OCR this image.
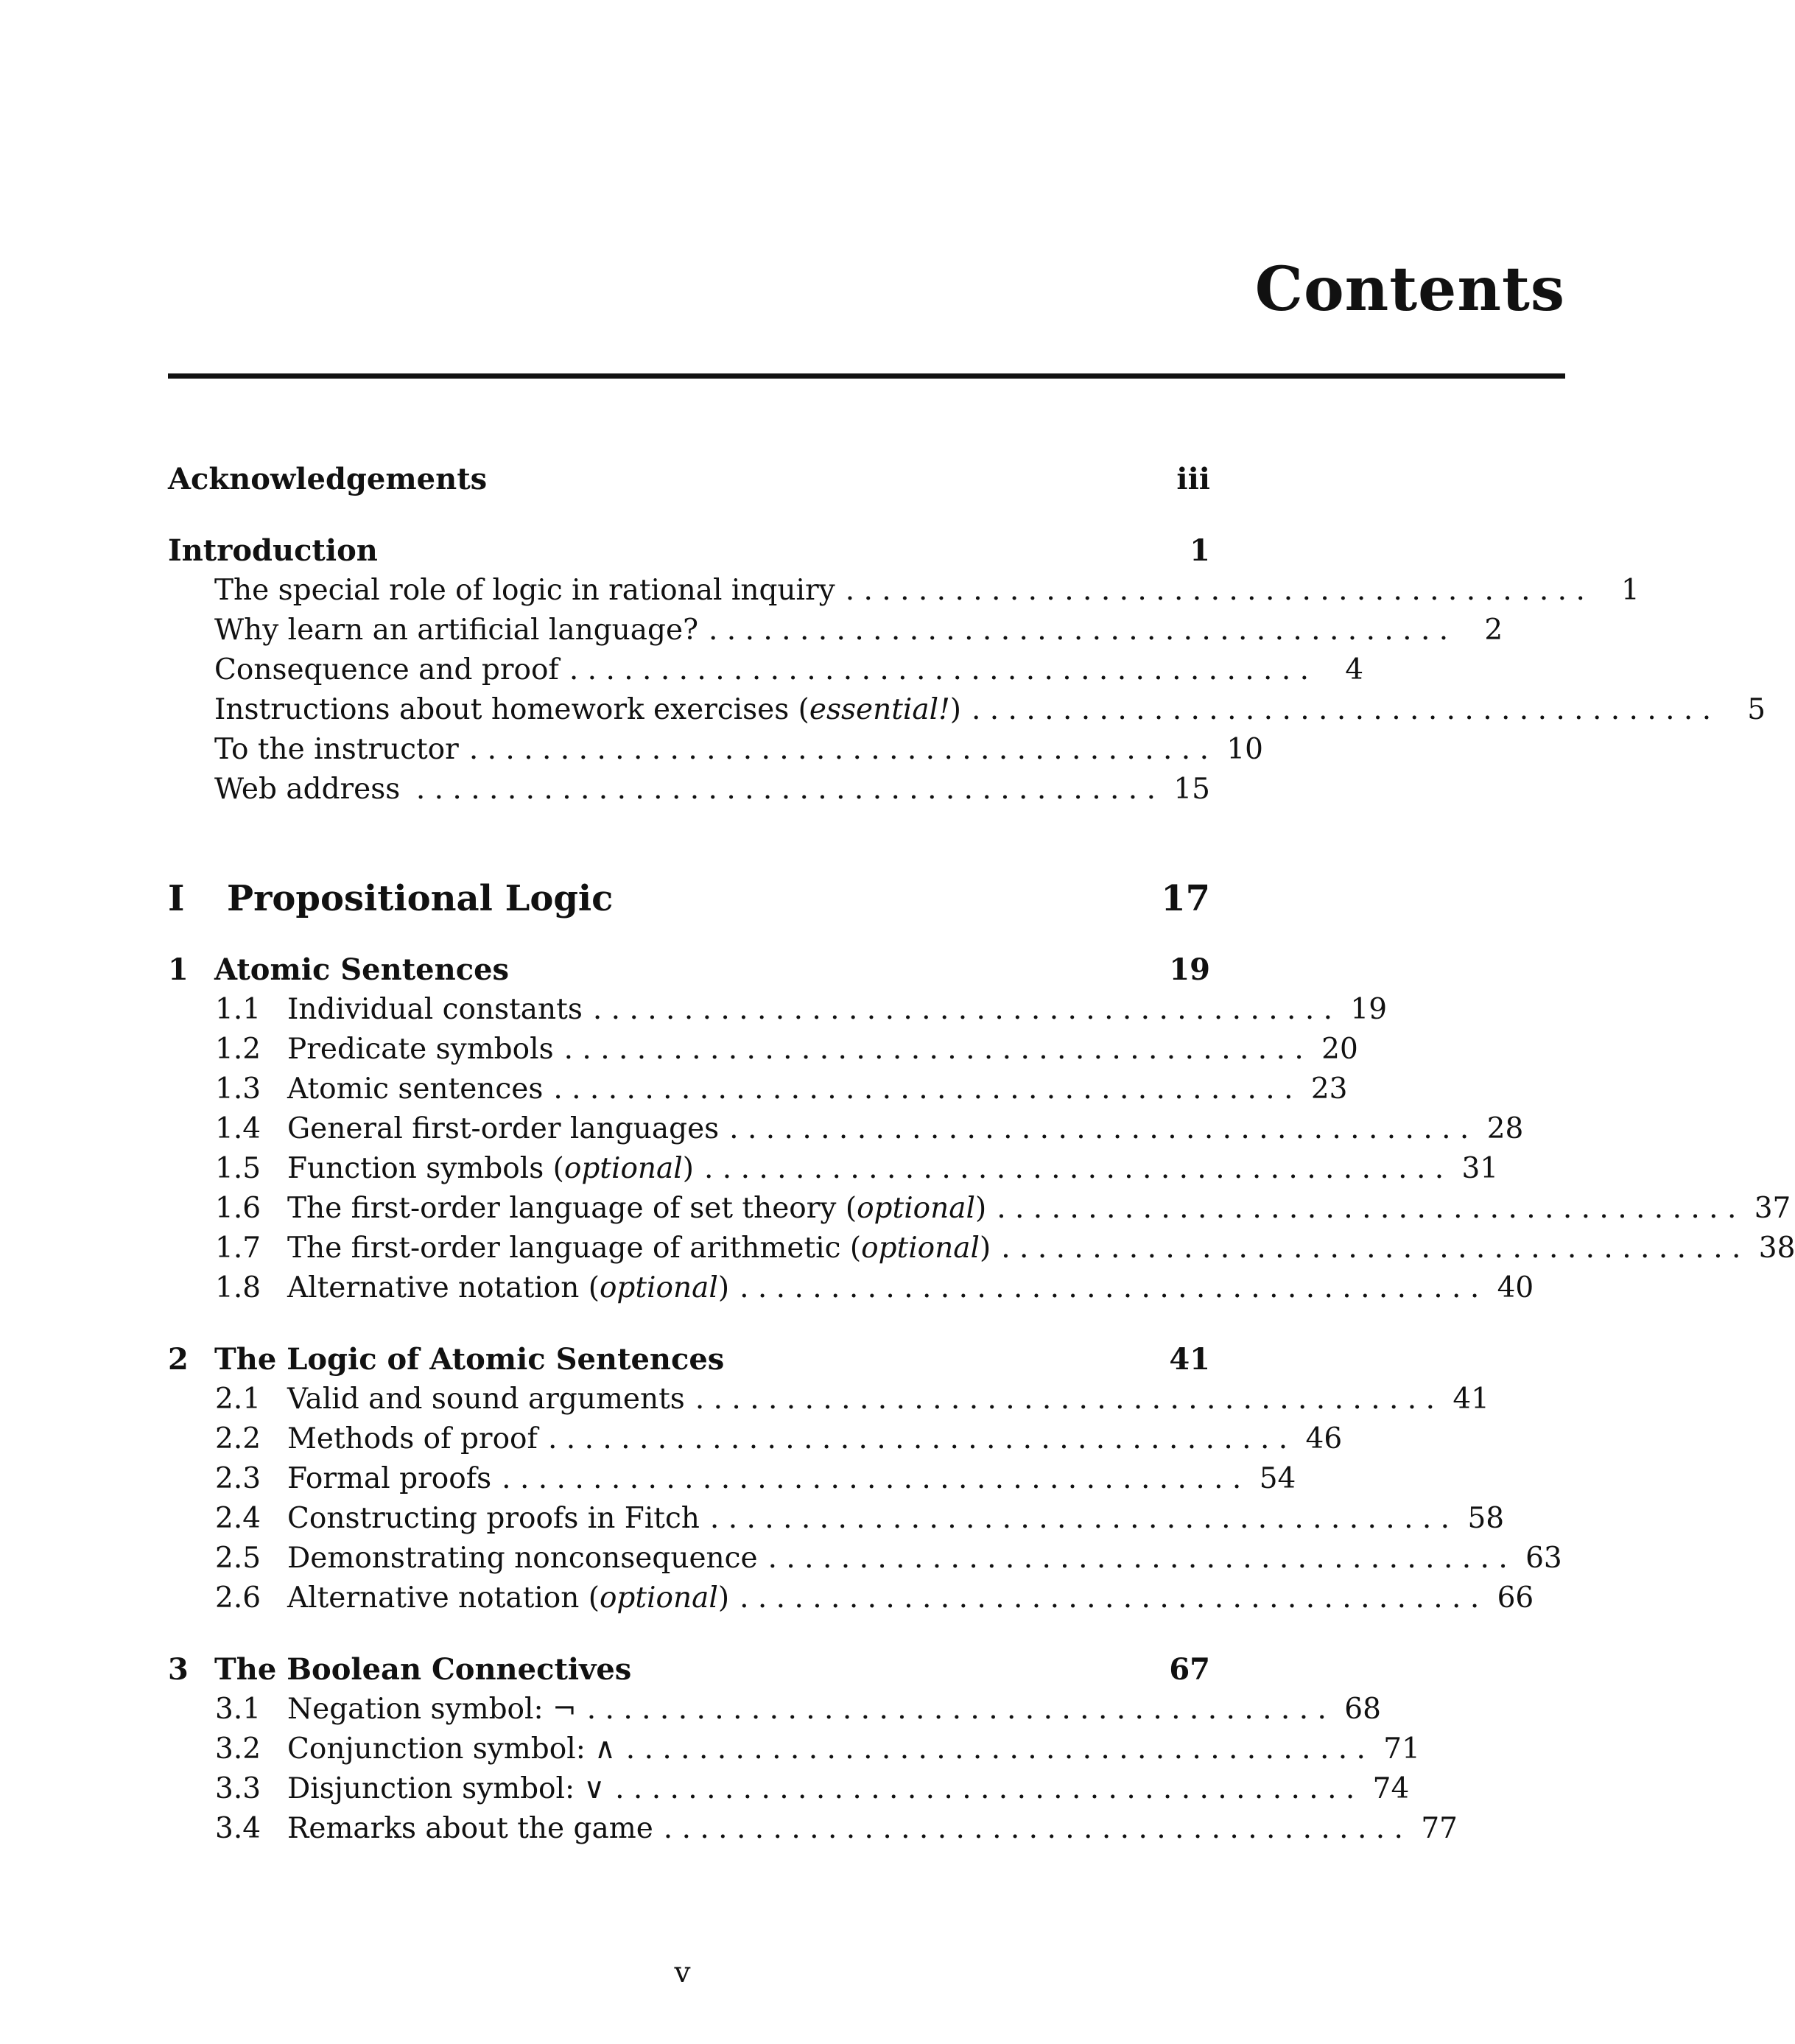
Contents
Acknowledgements	iii
Introduction	1
The special role of logic in rational inquiry . . . . . . . . . . . . . . . . . . . . . . . . . . . . . . . . . . . . . . . . .	1
Why learn an artificial language? . . . . . . . . . . . . . . . . . . . . . . . . . . . . . . . . . . . . . . . . .	2
Consequence and proof . . . . . . . . . . . . . . . . . . . . . . . . . . . . . . . . . . . . . . . . .	4
Instructions about homework exercises (essential!) . . . . . . . . . . . . . . . . . . . . . . . . . . . . . . . . . . . . . . . . .	5
To the instructor . . . . . . . . . . . . . . . . . . . . . . . . . . . . . . . . . . . . . . . . . 10
Web address . . . . . . . . . . . . . . . . . . . . . . . . . . . . . . . . . . . . . . . . . 15
I	Propositional Logic	17
1 Atomic Sentences	19
1.1 Individual constants . . . . . . . . . . . . . . . . . . . . . . . . . . . . . . . . . . . . . . . . . 19
1.2 Predicate symbols . . . . . . . . . . . . . . . . . . . . . . . . . . . . . . . . . . . . . . . . . 20
1.3 Atomic sentences . . . . . . . . . . . . . . . . . . . . . . . . . . . . . . . . . . . . . . . . . 23
1.4 General first-order languages . . . . . . . . . . . . . . . . . . . . . . . . . . . . . . . . . . . . . . . . . 28
1.5 Function symbols (optional) . . . . . . . . . . . . . . . . . . . . . . . . . . . . . . . . . . . . . . . . . 31
1.6 The first-order language of set theory (optional) . . . . . . . . . . . . . . . . . . . . . . . . . . . . . . . . . . . . . . . . . 37
1.7 The first-order language of arithmetic (optional) . . . . . . . . . . . . . . . . . . . . . . . . . . . . . . . . . . . . . . . . . 38
1.8 Alternative notation (optional) . . . . . . . . . . . . . . . . . . . . . . . . . . . . . . . . . . . . . . . . . 40
2 The Logic of Atomic Sentences	41
2.1 Valid and sound arguments . . . . . . . . . . . . . . . . . . . . . . . . . . . . . . . . . . . . . . . . . 41
2.2 Methods of proof . . . . . . . . . . . . . . . . . . . . . . . . . . . . . . . . . . . . . . . . . 46
2.3 Formal proofs . . . . . . . . . . . . . . . . . . . . . . . . . . . . . . . . . . . . . . . . . 54
2.4 Constructing proofs in Fitch . . . . . . . . . . . . . . . . . . . . . . . . . . . . . . . . . . . . . . . . . 58
2.5 Demonstrating nonconsequence . . . . . . . . . . . . . . . . . . . . . . . . . . . . . . . . . . . . . . . . . 63
2.6 Alternative notation (optional) . . . . . . . . . . . . . . . . . . . . . . . . . . . . . . . . . . . . . . . . . 66
3 The Boolean Connectives	67
3.1 Negation symbol: ¬ . . . . . . . . . . . . . . . . . . . . . . . . . . . . . . . . . . . . . . . . . 68
3.2 Conjunction symbol: ∧ . . . . . . . . . . . . . . . . . . . . . . . . . . . . . . . . . . . . . . . . . 71
3.3 Disjunction symbol: ∨ . . . . . . . . . . . . . . . . . . . . . . . . . . . . . . . . . . . . . . . . . 74
3.4 Remarks about the game . . . . . . . . . . . . . . . . . . . . . . . . . . . . . . . . . . . . . . . . . 77
v
